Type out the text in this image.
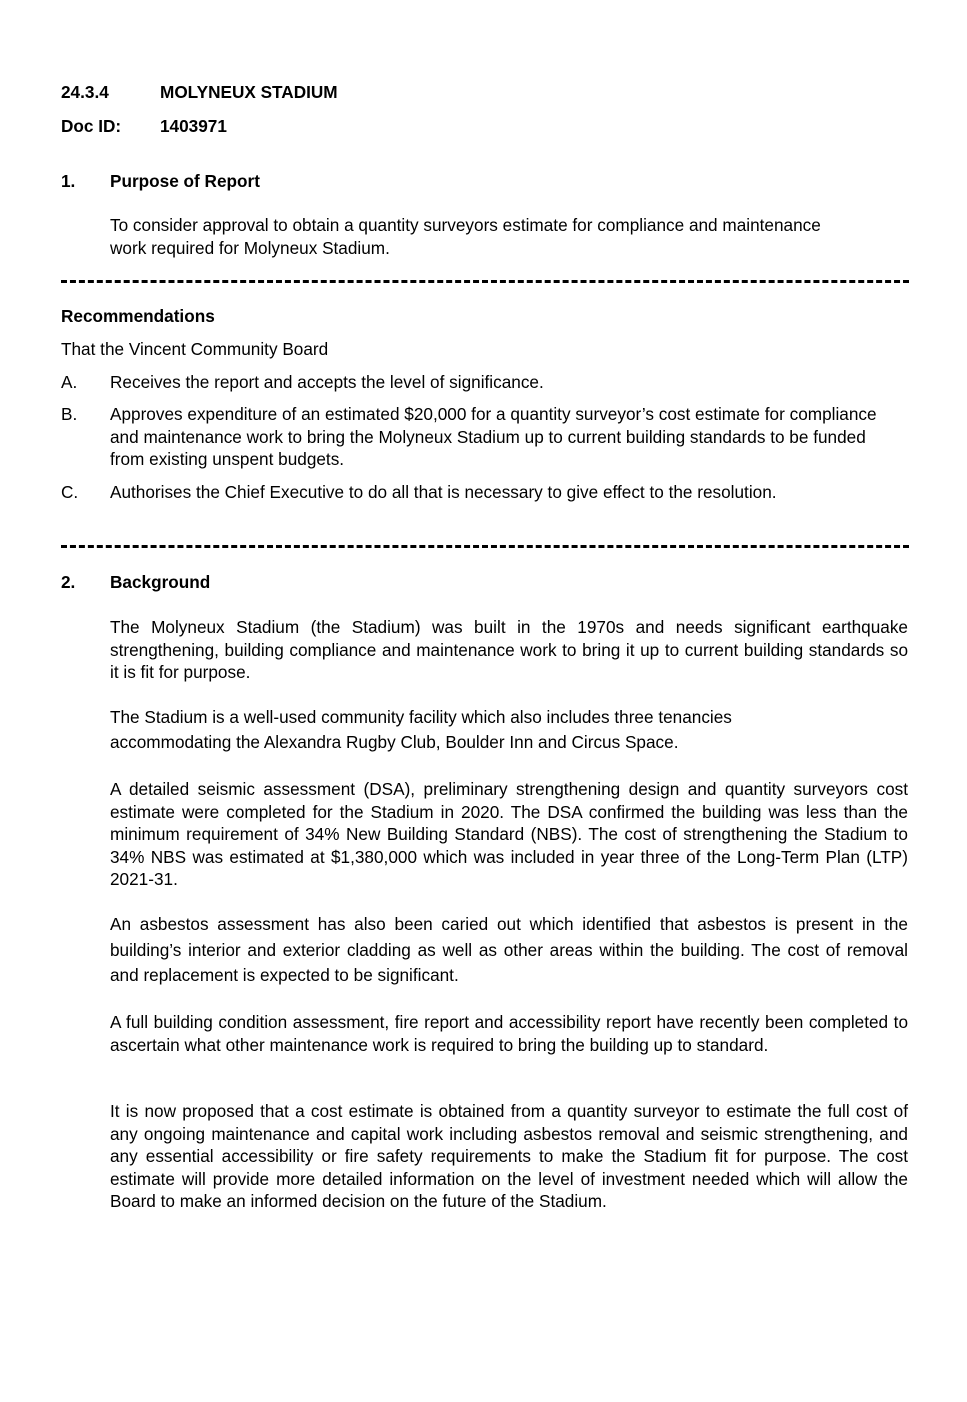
24.3.4	MOLYNEUX STADIUM
Doc ID: 1403971
1. Purpose of Report
To consider approval to obtain a quantity surveyors estimate for compliance and maintenance work required for Molyneux Stadium.
Recommendations
That the Vincent Community Board
A. Receives the report and accepts the level of significance.
B. Approves expenditure of an estimated $20,000 for a quantity surveyor’s cost estimate for compliance and maintenance work to bring the Molyneux Stadium up to current building standards to be funded from existing unspent budgets.
C. Authorises the Chief Executive to do all that is necessary to give effect to the resolution.
2. Background
The Molyneux Stadium (the Stadium) was built in the 1970s and needs significant earthquake strengthening, building compliance and maintenance work to bring it up to current building standards so it is fit for purpose.
The Stadium is a well-used community facility which also includes three tenancies accommodating the Alexandra Rugby Club, Boulder Inn and Circus Space.
A detailed seismic assessment (DSA), preliminary strengthening design and quantity surveyors cost estimate were completed for the Stadium in 2020. The DSA confirmed the building was less than the minimum requirement of 34% New Building Standard (NBS). The cost of strengthening the Stadium to 34% NBS was estimated at $1,380,000 which was included in year three of the Long-Term Plan (LTP) 2021-31.
An asbestos assessment has also been caried out which identified that asbestos is present in the building’s interior and exterior cladding as well as other areas within the building. The cost of removal and replacement is expected to be significant.
A full building condition assessment, fire report and accessibility report have recently been completed to ascertain what other maintenance work is required to bring the building up to standard.
It is now proposed that a cost estimate is obtained from a quantity surveyor to estimate the full cost of any ongoing maintenance and capital work including asbestos removal and seismic strengthening, and any essential accessibility or fire safety requirements to make the Stadium fit for purpose. The cost estimate will provide more detailed information on the level of investment needed which will allow the Board to make an informed decision on the future of the Stadium.
